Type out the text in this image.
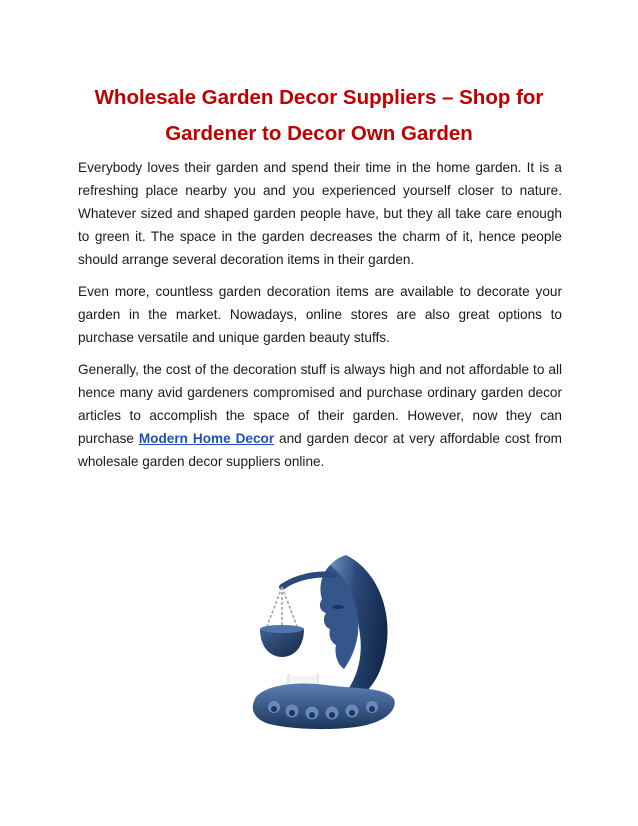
Wholesale Garden Decor Suppliers – Shop for Gardener to Decor Own Garden

Everybody loves their garden and spend their time in the home garden. It is a refreshing place nearby you and you experienced yourself closer to nature. Whatever sized and shaped garden people have, but they all take care enough to green it. The space in the garden decreases the charm of it, hence people should arrange several decoration items in their garden.

Even more, countless garden decoration items are available to decorate your garden in the market. Nowadays, online stores are also great options to purchase versatile and unique garden beauty stuffs.

Generally, the cost of the decoration stuff is always high and not affordable to all hence many avid gardeners compromised and purchase ordinary garden decor articles to accomplish the space of their garden. However, now they can purchase Modern Home Decor and garden decor at very affordable cost from wholesale garden decor suppliers online.
